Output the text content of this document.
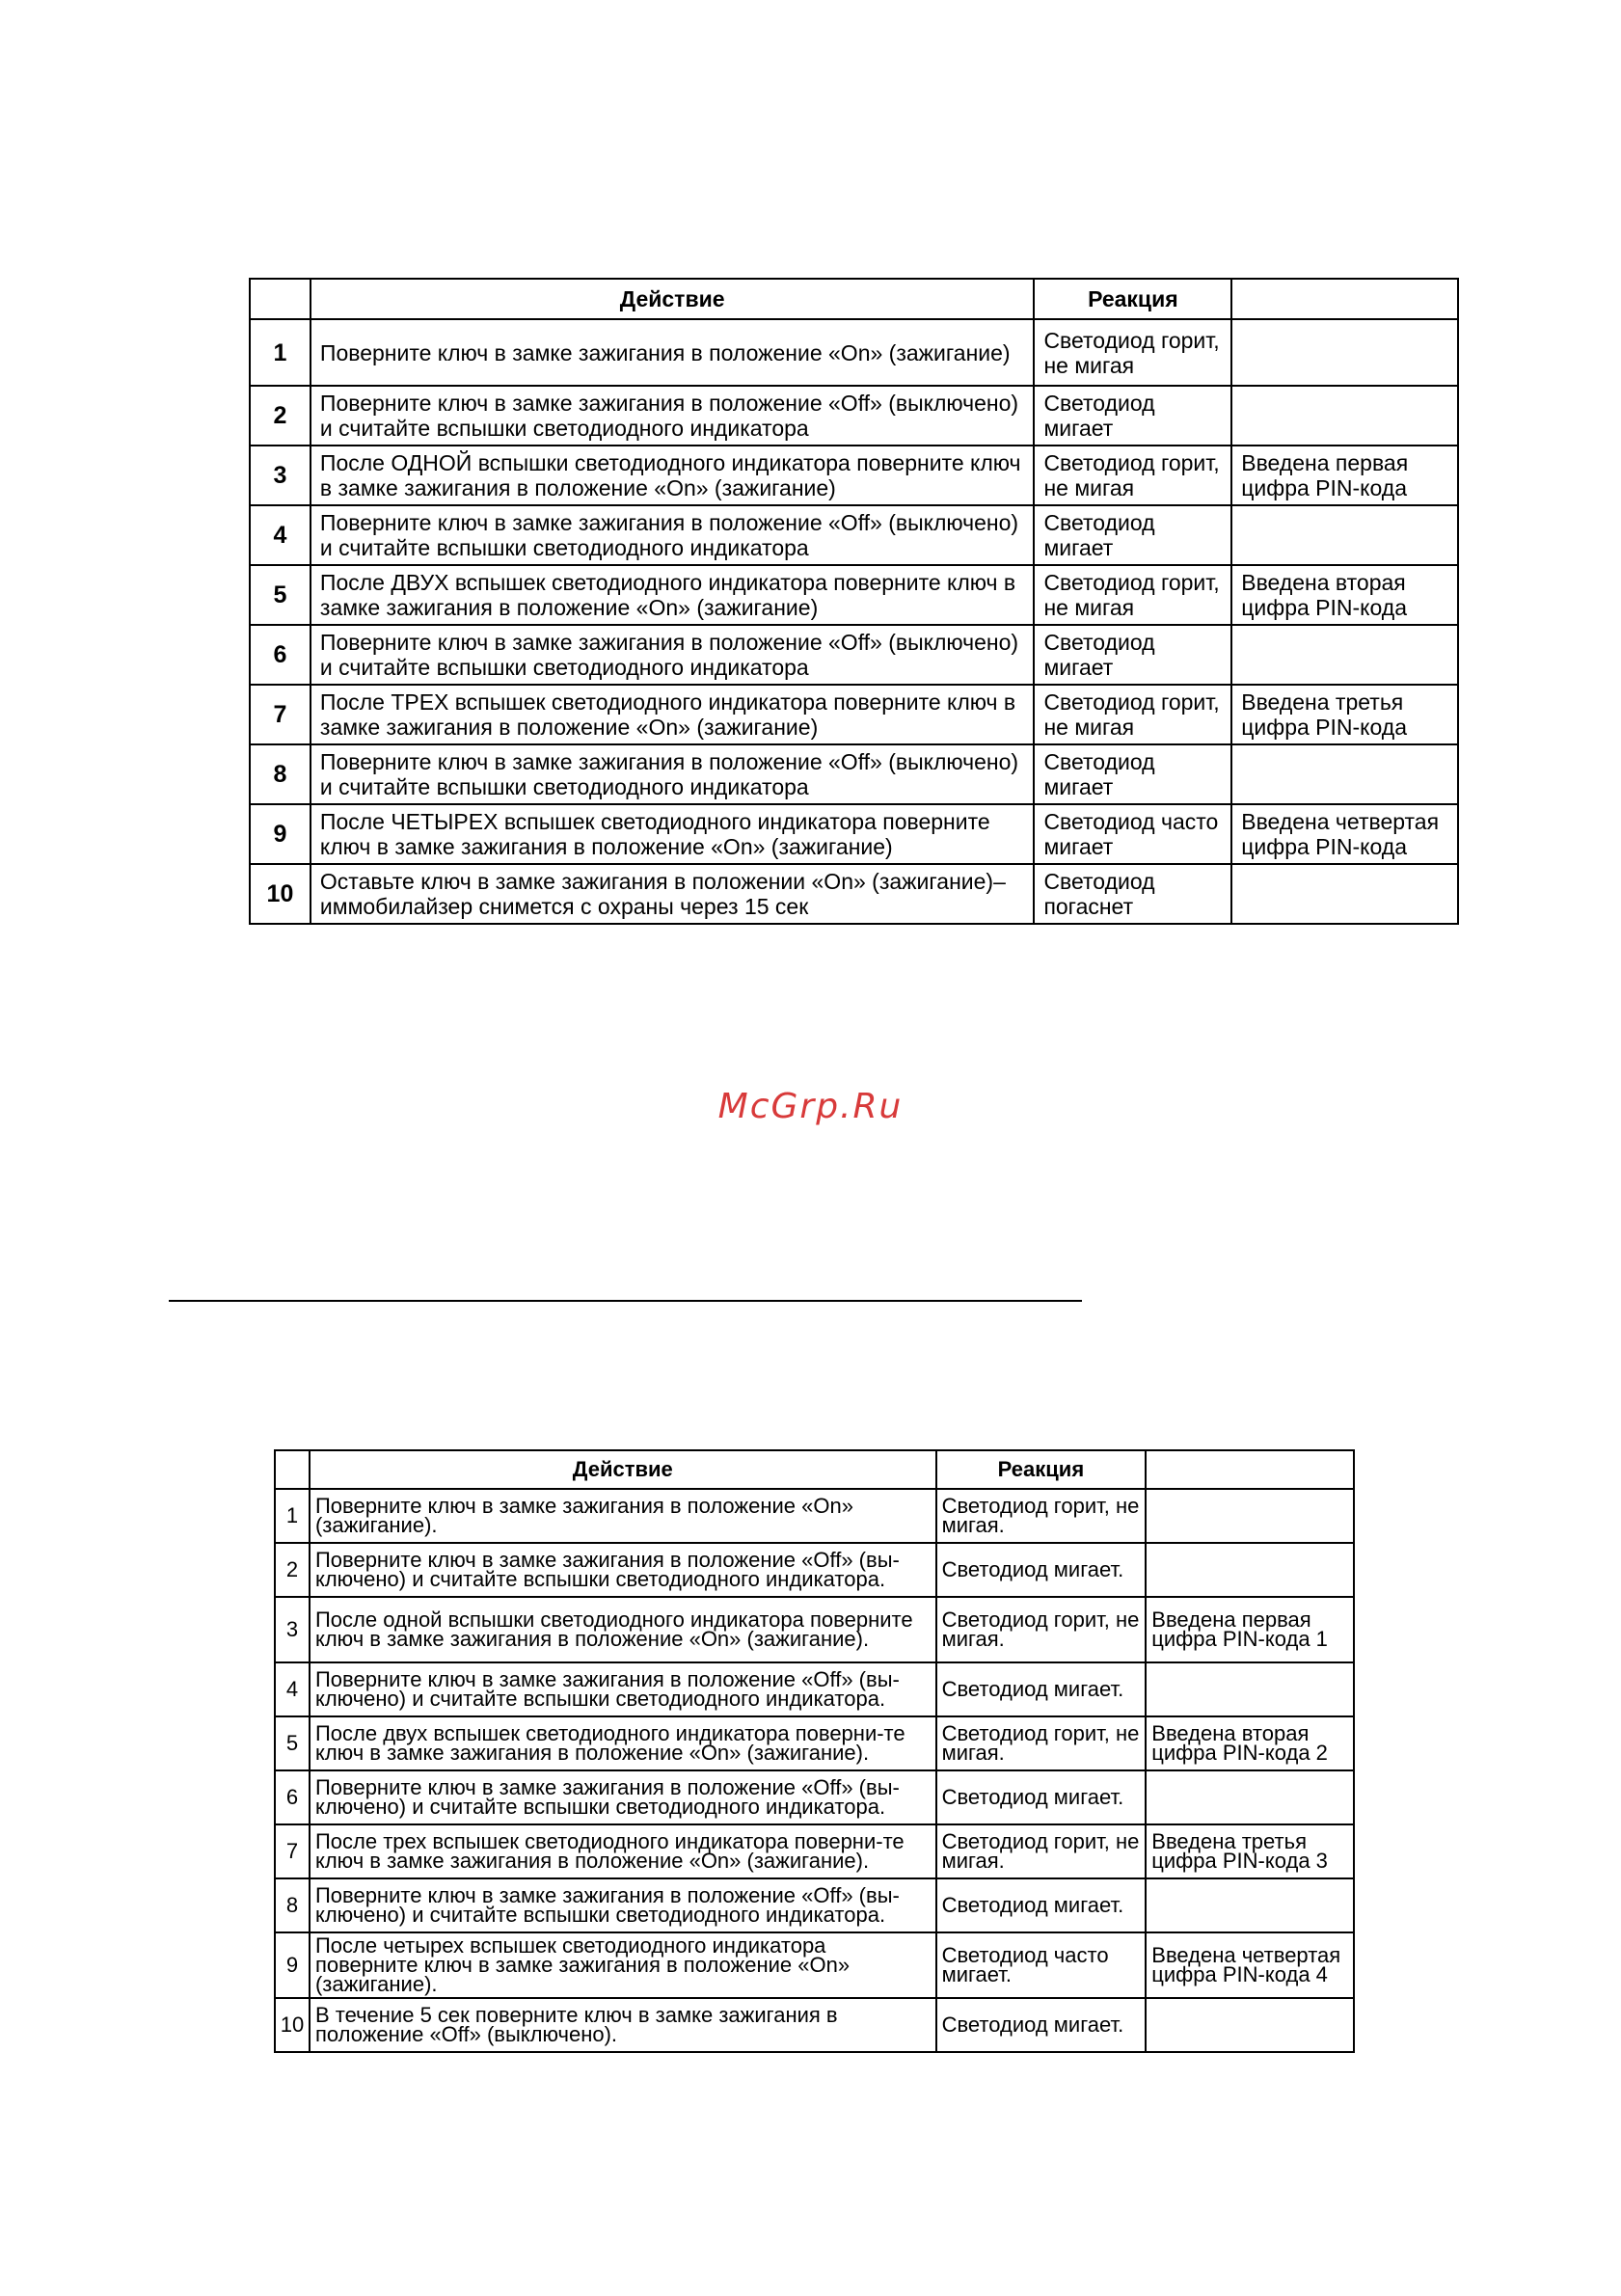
	Действие	Реакция	
1	Поверните ключ в замке зажигания в положение «On» (зажигание)	Светодиод горит, не мигая	
2	Поверните ключ в замке зажигания в положение «Off» (выключено) и считайте вспышки светодиодного индикатора	Светодиод мигает	
3	После ОДНОЙ вспышки светодиодного индикатора поверните ключ в замке зажигания в положение «On» (зажигание)	Светодиод горит, не мигая	Введена первая цифра PIN-кода
4	Поверните ключ в замке зажигания в положение «Off» (выключено) и считайте вспышки светодиодного индикатора	Светодиод мигает	
5	После ДВУХ вспышек светодиодного индикатора поверните ключ в замке зажигания в положение «On» (зажигание)	Светодиод горит, не мигая	Введена вторая цифра PIN-кода
6	Поверните ключ в замке зажигания в положение «Off» (выключено) и считайте вспышки светодиодного индикатора	Светодиод мигает	
7	После ТРЕХ вспышек светодиодного индикатора поверните ключ в замке зажигания в положение «On» (зажигание)	Светодиод горит, не мигая	Введена третья цифра PIN-кода
8	Поверните ключ в замке зажигания в положение «Off» (выключено) и считайте вспышки светодиодного индикатора	Светодиод мигает	
9	После ЧЕТЫРЕХ вспышек светодиодного индикатора поверните ключ в замке зажигания в положение «On» (зажигание)	Светодиод часто мигает	Введена четвертая цифра PIN-кода
10	Оставьте ключ в замке зажигания в положении «On» (зажигание)– иммобилайзер снимется с охраны через 15 сек	Светодиод погаснет	
McGrp.Ru
	Действие	Реакция	
1	Поверните ключ в замке зажигания в положение «On» (зажигание).	Светодиод горит, не мигая.	
2	Поверните ключ в замке зажигания в положение «Off» (вы-ключено) и считайте вспышки светодиодного индикатора.	Светодиод мигает.	
3	После одной вспышки светодиодного индикатора поверните ключ в замке зажигания в положение «On» (зажигание).	Светодиод горит, не мигая.	Введена первая цифра PIN-кода 1
4	Поверните ключ в замке зажигания в положение «Off» (вы-ключено) и считайте вспышки светодиодного индикатора.	Светодиод мигает.	
5	После двух вспышек светодиодного индикатора поверни-те ключ в замке зажигания в положение «On» (зажигание).	Светодиод горит, не мигая.	Введена вторая цифра PIN-кода 2
6	Поверните ключ в замке зажигания в положение «Off» (вы-ключено) и считайте вспышки светодиодного индикатора.	Светодиод мигает.	
7	После трех вспышек светодиодного индикатора поверни-те ключ в замке зажигания в положение «On» (зажигание).	Светодиод горит, не мигая.	Введена третья цифра PIN-кода 3
8	Поверните ключ в замке зажигания в положение «Off» (вы-ключено) и считайте вспышки светодиодного индикатора.	Светодиод мигает.	
9	После четырех вспышек светодиодного индикатора поверните ключ в замке зажигания в положение «On» (зажигание).	Светодиод часто мигает.	Введена четвертая цифра PIN-кода 4
10	В течение 5 сек поверните ключ в замке зажигания в положение «Off» (выключено).	Светодиод мигает.	
